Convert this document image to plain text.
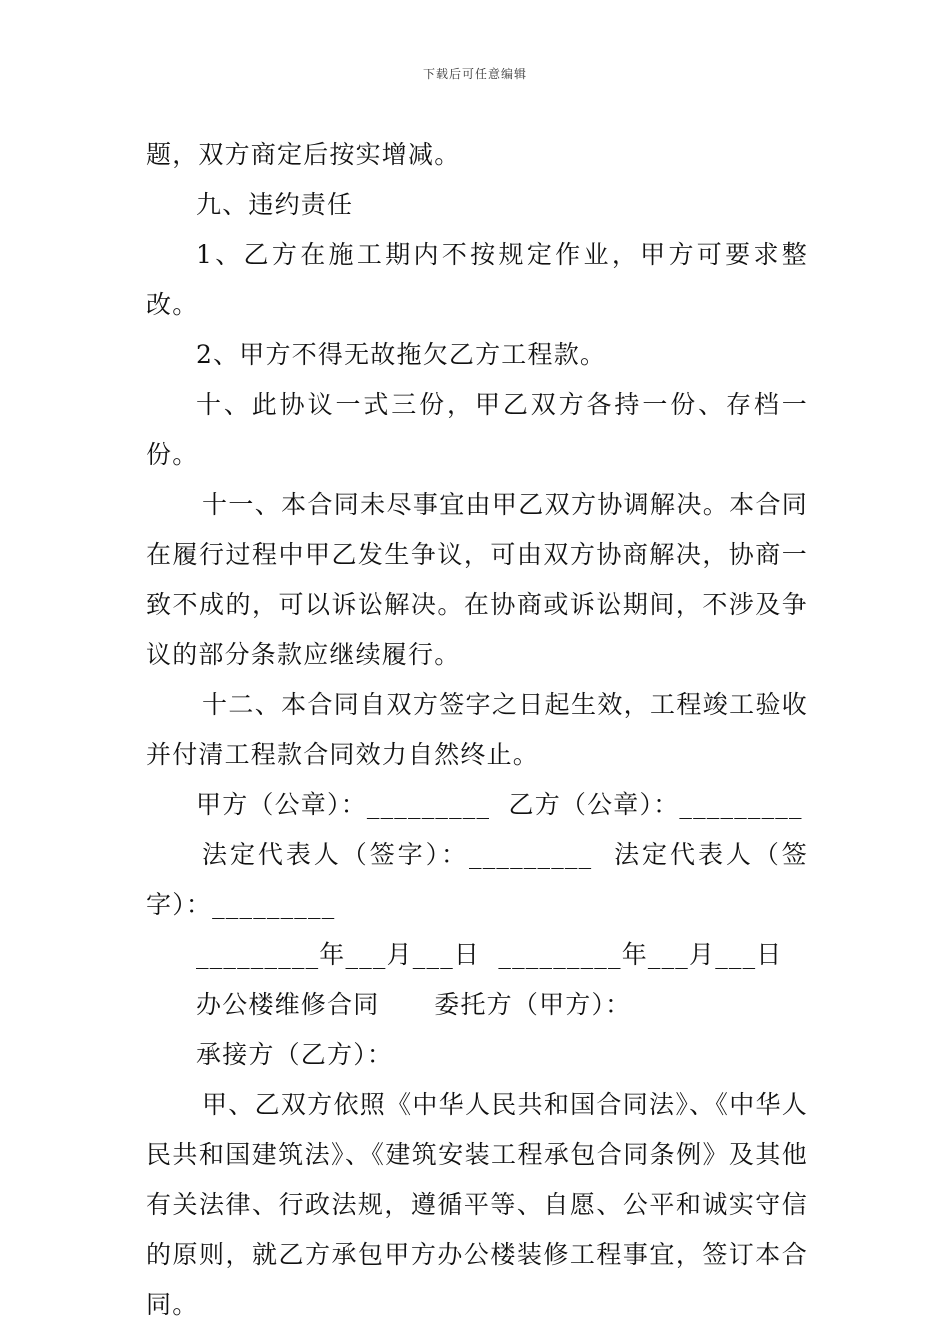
下载后可任意编辑

题，双方商定后按实增减。

九、违约责任

1、乙方在施工期内不按规定作业，甲方可要求整改。

2、甲方不得无故拖欠乙方工程款。

十、此协议一式三份，甲乙双方各持一份、存档一份。

十一、本合同未尽事宜由甲乙双方协调解决。本合同在履行过程中甲乙发生争议，可由双方协商解决，协商一致不成的，可以诉讼解决。在协商或诉讼期间，不涉及争议的部分条款应继续履行。

十二、本合同自双方签字之日起生效，工程竣工验收并付清工程款合同效力自然终止。

甲方（公章）：_________  乙方（公章）：_________

法定代表人（签字）：_________  法定代表人（签字）：_________

_________年___月___日  _________年___月___日

办公楼维修合同      委托方（甲方）：

承接方（乙方）：

甲、乙双方依照《中华人民共和国合同法》、《中华人民共和国建筑法》、《建筑安装工程承包合同条例》及其他有关法律、行政法规，遵循平等、自愿、公平和诚实守信的原则，就乙方承包甲方办公楼装修工程事宜，签订本合同。
